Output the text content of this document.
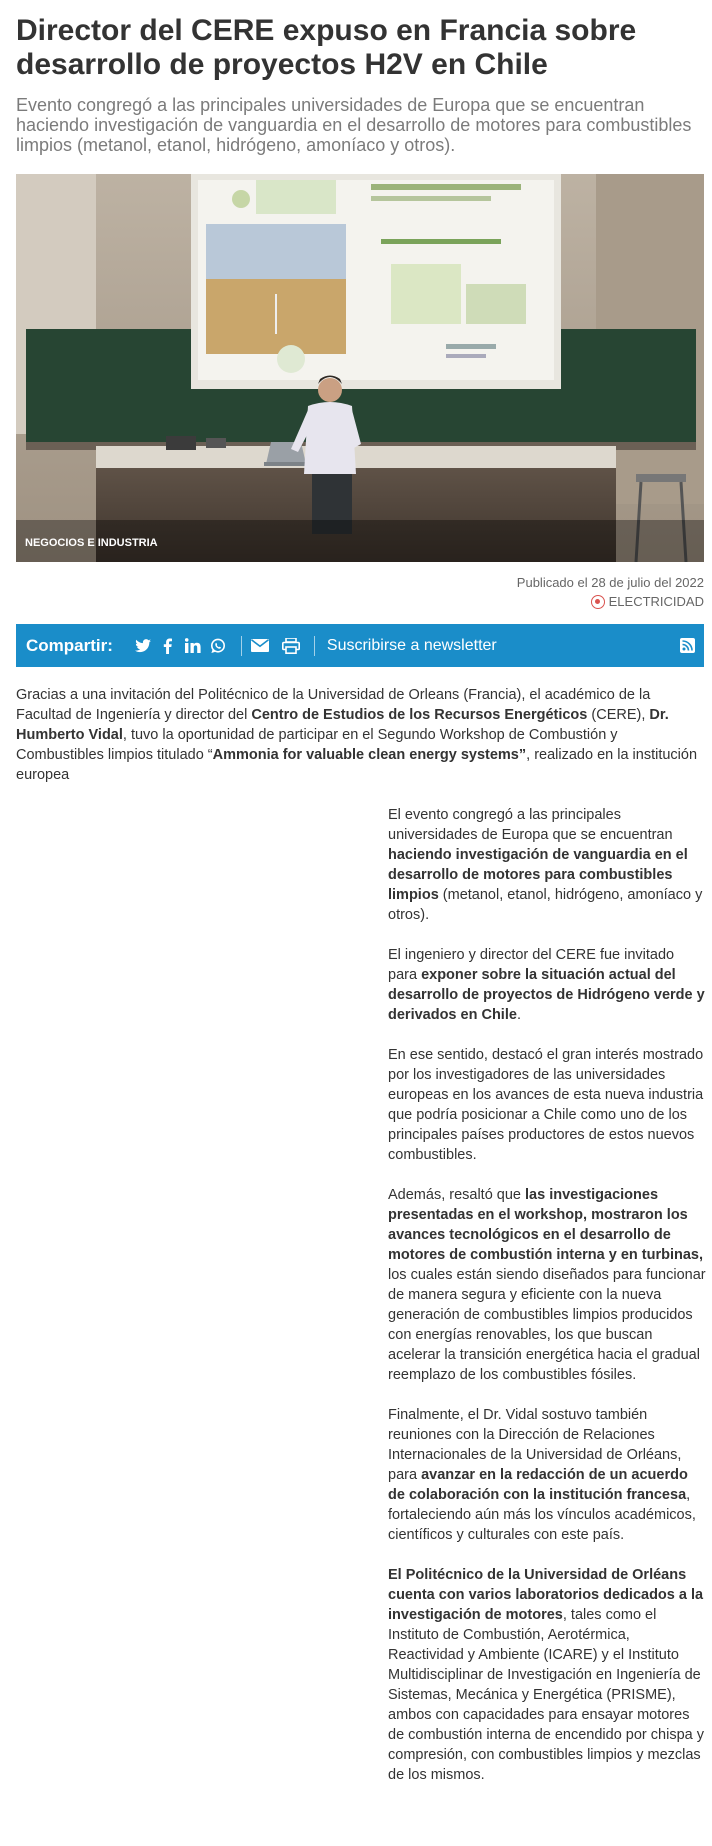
Director del CERE expuso en Francia sobre desarrollo de proyectos H2V en Chile

Evento congregó a las principales universidades de Europa que se encuentran haciendo investigación de vanguardia en el desarrollo de motores para combustibles limpios (metanol, etanol, hidrógeno, amoníaco y otros).

NEGOCIOS E INDUSTRIA
Publicado el 28 de julio del 2022
ELECTRICIDAD
Compartir:	Suscribirse a newsletter

Gracias a una invitación del Politécnico de la Universidad de Orleans (Francia), el académico de la Facultad de Ingeniería y director del Centro de Estudios de los Recursos Energéticos (CERE), Dr. Humberto Vidal, tuvo la oportunidad de participar en el Segundo Workshop de Combustión y Combustibles limpios titulado “Ammonia for valuable clean energy systems”, realizado en la institución europea

El evento congregó a las principales universidades de Europa que se encuentran haciendo investigación de vanguardia en el desarrollo de motores para combustibles limpios (metanol, etanol, hidrógeno, amoníaco y otros).

El ingeniero y director del CERE fue invitado para exponer sobre la situación actual del desarrollo de proyectos de Hidrógeno verde y derivados en Chile.

En ese sentido, destacó el gran interés mostrado por los investigadores de las universidades europeas en los avances de esta nueva industria que podría posicionar a Chile como uno de los principales países productores de estos nuevos combustibles.

Además, resaltó que las investigaciones presentadas en el workshop, mostraron los avances tecnológicos en el desarrollo de motores de combustión interna y en turbinas, los cuales están siendo diseñados para funcionar de manera segura y eficiente con la nueva generación de combustibles limpios producidos con energías renovables, los que buscan acelerar la transición energética hacia el gradual reemplazo de los combustibles fósiles.

Finalmente, el Dr. Vidal sostuvo también reuniones con la Dirección de Relaciones Internacionales de la Universidad de Orléans, para avanzar en la redacción de un acuerdo de colaboración con la institución francesa, fortaleciendo aún más los vínculos académicos, científicos y culturales con este país.

El Politécnico de la Universidad de Orléans cuenta con varios laboratorios dedicados a la investigación de motores, tales como el Instituto de Combustión, Aerotérmica, Reactividad y Ambiente (ICARE) y el Instituto Multidisciplinar de Investigación en Ingeniería de Sistemas, Mecánica y Energética (PRISME), ambos con capacidades para ensayar motores de combustión interna de encendido por chispa y compresión, con combustibles limpios y mezclas de los mismos.
